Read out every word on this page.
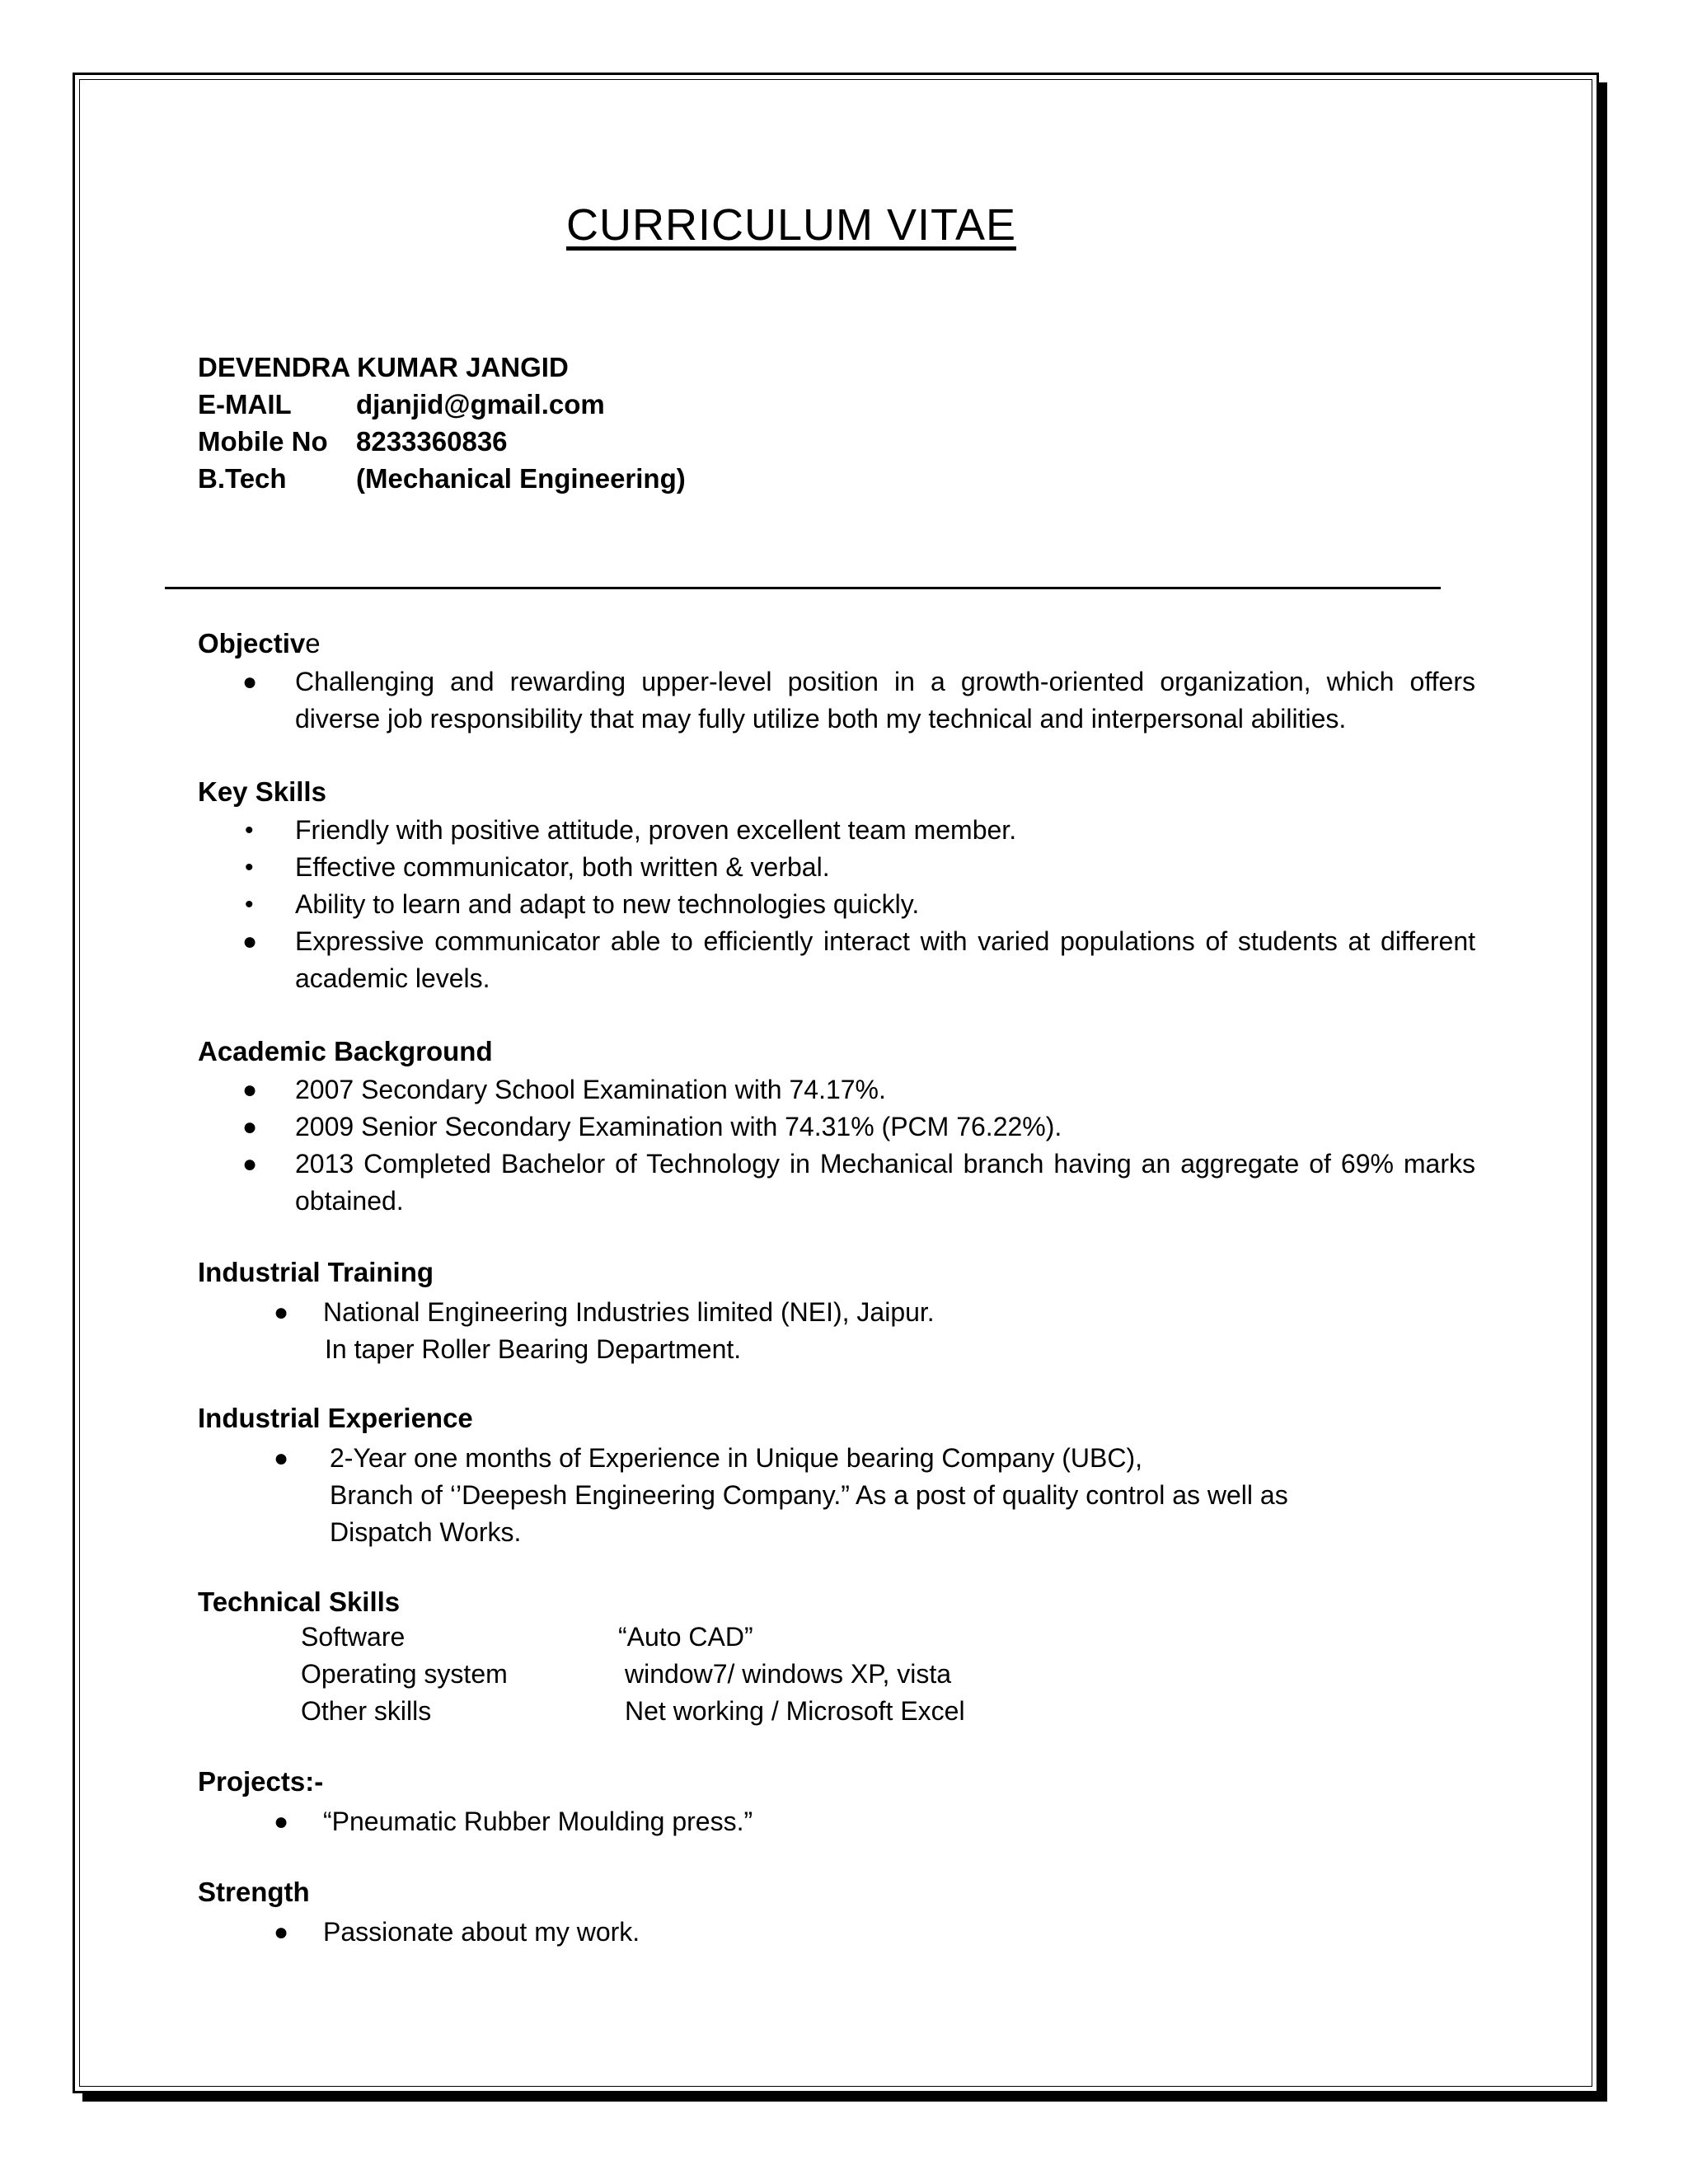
CURRICULUM VITAE
DEVENDRA KUMAR JANGID
E-MAIL djanjid@gmail.com
Mobile No 8233360836
B.Tech	(Mechanical Engineering)
Objective
● Challenging and rewarding upper-level position in a growth-oriented organization, which offers diverse job responsibility that may fully utilize both my technical and interpersonal abilities.
Key Skills
• Friendly with positive attitude, proven excellent team member.
• Effective communicator, both written & verbal.
• Ability to learn and adapt to new technologies quickly.
● Expressive communicator able to efficiently interact with varied populations of students at different academic levels.
Academic Background
● 2007 Secondary School Examination with 74.17%.
● 2009 Senior Secondary Examination with 74.31% (PCM 76.22%).
● 2013 Completed Bachelor of Technology in Mechanical branch having an aggregate of 69% marks obtained.
Industrial Training
● National Engineering Industries limited (NEI), Jaipur.
In taper Roller Bearing Department.
Industrial Experience
● 2-Year one months of Experience in Unique bearing Company (UBC),
Branch of ‘’Deepesh Engineering Company.” As a post of quality control as well as
Dispatch Works.
Technical Skills
Software	“Auto CAD”
Operating system	window7/ windows XP, vista
Other skills	Net working / Microsoft Excel
Projects:-
● “Pneumatic Rubber Moulding press.”
Strength
● Passionate about my work.
